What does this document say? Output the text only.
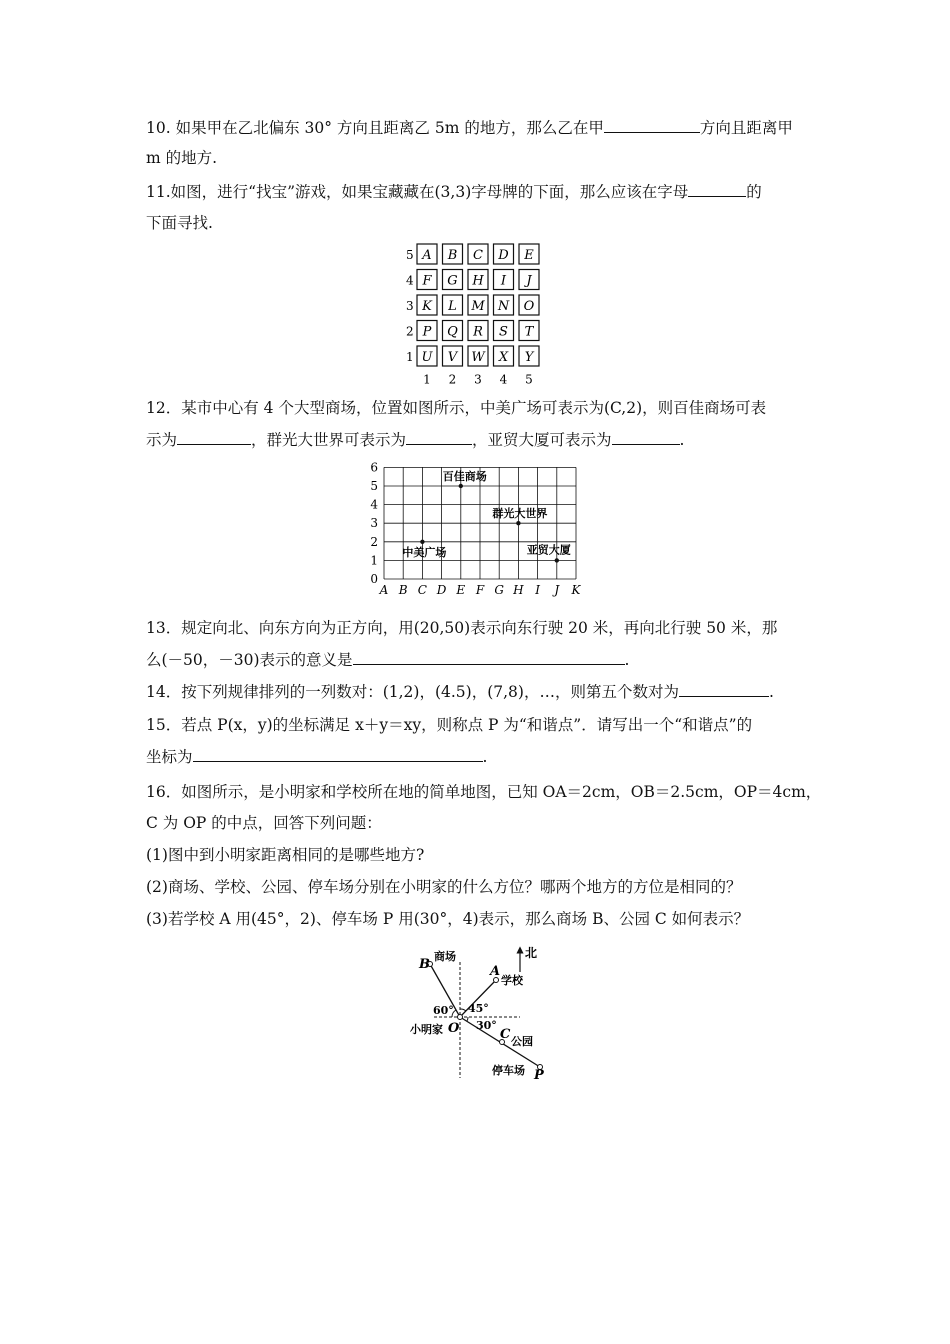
10. 如果甲在乙北偏东 30° 方向且距离乙 5m 的地方，那么乙在甲	方向且距离甲
m 的地方.
11.如图，进行“找宝”游戏，如果宝藏藏在(3,3)字母牌的下面，那么应该在字母	的
下面寻找.
5 A B C D E
4 F G H I J
3 K L M N O
2 P Q R S T
1 U V W X Y
1 2 3 4 5
12．某市中心有 4 个大型商场，位置如图所示，中美广场可表示为(C,2)，则百佳商场可表
示为	，群光大世界可表示为	，亚贸大厦可表示为	.
A B C D E F G H I J K
0
1
2
3
4
5
6
百佳商场
群光大世界
中美广场	亚贸大厦
13．规定向北、向东方向为正方向，用(20,50)表示向东行驶 20 米，再向北行驶 50 米，那
么(－50，－30)表示的意义是	.
14．按下列规律排列的一列数对：(1,2)，(4.5)，(7,8)，…，则第五个数对为	.
15．若点 P(x，y)的坐标满足 x＋y＝xy，则称点 P 为“和谐点”．请写出一个“和谐点”的
坐标为	.
16．如图所示，是小明家和学校所在地的简单地图，已知 OA＝2cm，OB＝2.5cm，OP＝4cm，
C 为 OP 的中点，回答下列问题：
(1)图中到小明家距离相同的是哪些地方?
(2)商场、学校、公园、停车场分别在小明家的什么方位？哪两个地方的方位是相同的？
(3)若学校 A 用(45°，2)、停车场 P 用(30°，4)表示，那么商场 B、公园 C 如何表示？
北
B
商场
A
学校
O
小明家	C 公园
P
停车场
60° 45°
30°
